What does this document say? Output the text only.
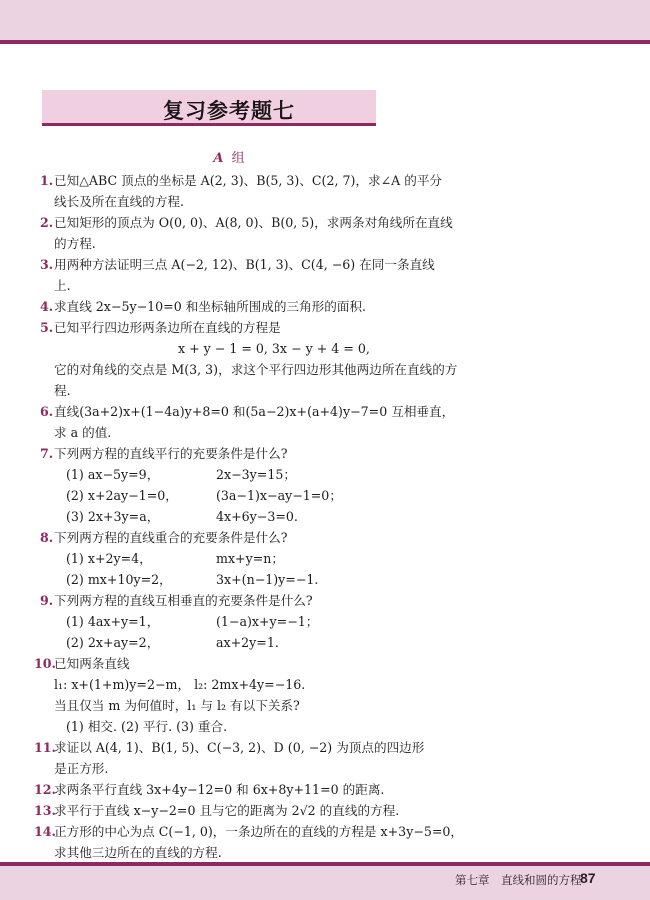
复习参考题七
A 组
1. 已知△ABC 顶点的坐标是 A(2, 3)、B(5, 3)、C(2, 7)，求∠A 的平分
线长及所在直线的方程.
2. 已知矩形的顶点为 O(0, 0)、A(8, 0)、B(0, 5)，求两条对角线所在直线
的方程.
3. 用两种方法证明三点 A(−2, 12)、B(1, 3)、C(4, −6) 在同一条直线
上.
4. 求直线 2x−5y−10=0 和坐标轴所围成的三角形的面积.
5. 已知平行四边形两条边所在直线的方程是
x + y − 1 = 0, 3x − y + 4 = 0,
它的对角线的交点是 M(3, 3)，求这个平行四边形其他两边所在直线的方
程.
6. 直线(3a+2)x+(1−4a)y+8=0 和(5a−2)x+(a+4)y−7=0 互相垂直，
求 a 的值.
7. 下列两方程的直线平行的充要条件是什么?
(1) ax−5y=9，	2x−3y=15；
(2) x+2ay−1=0，	(3a−1)x−ay−1=0；
(3) 2x+3y=a，	4x+6y−3=0.
8. 下列两方程的直线重合的充要条件是什么?
(1) x+2y=4，	mx+y=n；
(2) mx+10y=2，	3x+(n−1)y=−1.
9. 下列两方程的直线互相垂直的充要条件是什么?
(1) 4ax+y=1，	(1−a)x+y=−1；
(2) 2x+ay=2，	ax+2y=1.
10.
已知两条直线
l₁: x+(1+m)y=2−m， l₂: 2mx+4y=−16.
当且仅当 m 为何值时，l₁ 与 l₂ 有以下关系?
(1) 相交. (2) 平行. (3) 重合.
11.
求证以 A(4, 1)、B(1, 5)、C(−3, 2)、D (0, −2) 为顶点的四边形
是正方形.
12.
求两条平行直线 3x+4y−12=0 和 6x+8y+11=0 的距离.
13.
求平行于直线 x−y−2=0 且与它的距离为 2√2 的直线的方程.
14.
正方形的中心为点 C(−1, 0)，一条边所在的直线的方程是 x+3y−5=0，
求其他三边所在的直线的方程.
第七章　直线和圆的方程
87
